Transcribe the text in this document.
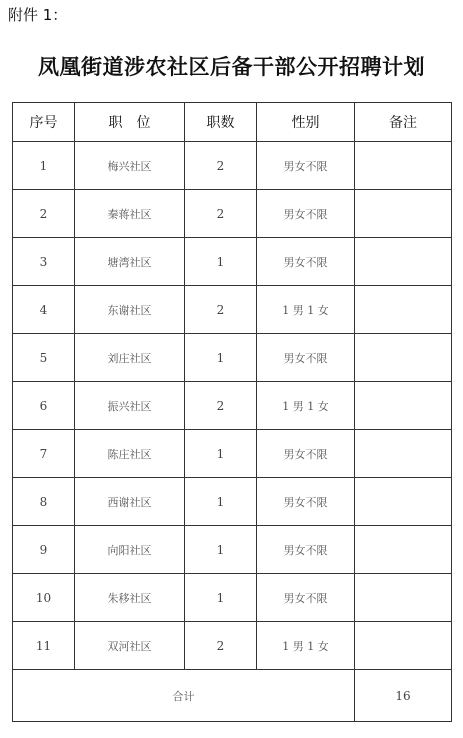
附件 1：
凤凰街道涉农社区后备干部公开招聘计划
序号	职　位	职数	性别	备注
1	梅兴社区	2	男女不限	
2	秦蒋社区	2	男女不限	
3	塘湾社区	1	男女不限	
4	东谢社区	2	1 男 1 女	
5	刘庄社区	1	男女不限	
6	振兴社区	2	1 男 1 女	
7	陈庄社区	1	男女不限	
8	西谢社区	1	男女不限	
9	向阳社区	1	男女不限	
10	朱移社区	1	男女不限	
11	双河社区	2	1 男 1 女	
合计				16
